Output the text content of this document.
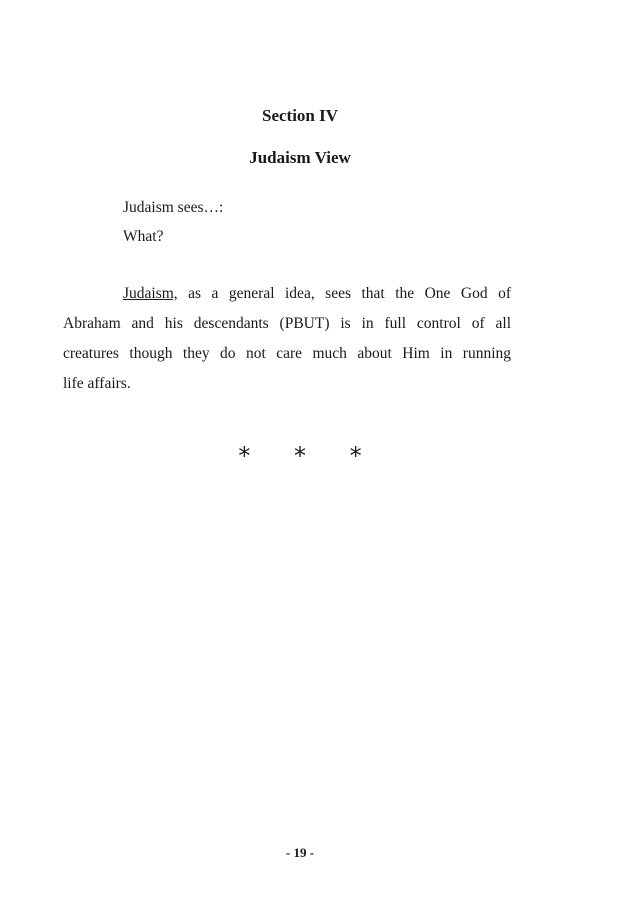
Section IV
Judaism View
Judaism sees…:
What?
Judaism, as a general idea, sees that the One God of
Abraham and his descendants (PBUT) is in full control of all
creatures though they do not care much about Him in running
life affairs.
* * *
- 19 -
